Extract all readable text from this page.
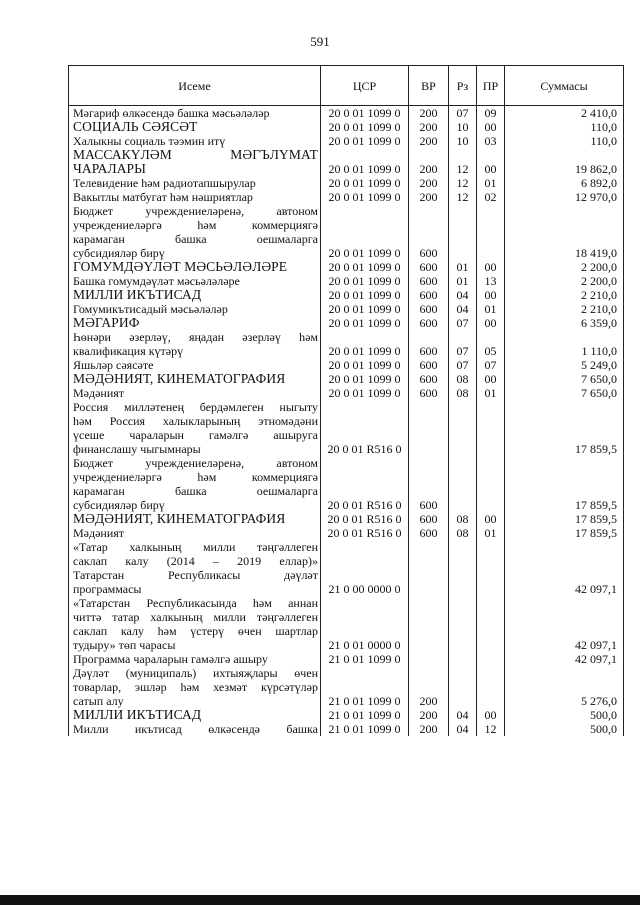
591
Исеме	ЦСР	ВР	Рз	ПР	Суммасы

Мәгариф өлкәсендә башка мәсьәләләр	20 0 01 1099 0	200	07	09	2 410,0

СОЦИАЛЬ СӘЯСӘТ	20 0 01 1099 0	200	10	00	110,0

Халыкны социаль тәэмин итү	20 0 01 1099 0	200	10	03	110,0

МАССАКҮЛӘМ МӘГЪЛҮМАТ
ЧАРАЛАРЫ	20 0 01 1099 0	200	12	00	19 862,0

Телевидение һәм радиотапшырулар	20 0 01 1099 0	200	12	01	6 892,0

Вакытлы матбугат һәм нәшриятлар	20 0 01 1099 0	200	12	02	12 970,0

Бюджет учреждениеләренә, автоном
учреждениеләргә һәм коммерциягә
карамаган башка оешмаларга
субсидияләр бирү	20 0 01 1099 0	600			18 419,0

ГОМУМДӘҮЛӘТ МӘСЬӘЛӘЛӘРЕ	20 0 01 1099 0	600	01	00	2 200,0

Башка гомумдәүләт мәсьәләләре	20 0 01 1099 0	600	01	13	2 200,0

МИЛЛИ ИКЪТИСАД	20 0 01 1099 0	600	04	00	2 210,0

Гомумикътисадый мәсьәләләр	20 0 01 1099 0	600	04	01	2 210,0

МӘГАРИФ	20 0 01 1099 0	600	07	00	6 359,0

Һөнәри әзерләү, яңадан әзерләү һәм
квалификация күтәрү	20 0 01 1099 0	600	07	05	1 110,0

Яшьләр сәясәте	20 0 01 1099 0	600	07	07	5 249,0

МӘДӘНИЯТ, КИНЕМАТОГРАФИЯ	20 0 01 1099 0	600	08	00	7 650,0

Мәдәният	20 0 01 1099 0	600	08	01	7 650,0

Россия милләтенең бердәмлеген ныгыту
һәм Россия халыкларының этномәдәни
үсеше чараларын гамәлгә ашыруга
финанслашу чыгымнары	20 0 01 R516 0				17 859,5

Бюджет учреждениеләренә, автоном
учреждениеләргә һәм коммерциягә
карамаган башка оешмаларга
субсидияләр бирү	20 0 01 R516 0	600			17 859,5

МӘДӘНИЯТ, КИНЕМАТОГРАФИЯ	20 0 01 R516 0	600	08	00	17 859,5

Мәдәният	20 0 01 R516 0	600	08	01	17 859,5

«Татар халкының милли тәңгәллеген
саклап калу (2014 – 2019 еллар)»
Татарстан Республикасы дәүләт
программасы	21 0 00 0000 0				42 097,1

«Татарстан Республикасында һәм аннан
читтә татар халкының милли тәңгәллеген
саклап калу һәм үстерү өчен шартлар
тудыру» төп чарасы	21 0 01 0000 0				42 097,1

Программа чараларын гамәлгә ашыру	21 0 01 1099 0				42 097,1

Дәүләт (муниципаль) ихтыяҗлары өчен
товарлар, эшләр һәм хезмәт күрсәтүләр
сатып алу	21 0 01 1099 0	200			5 276,0

МИЛЛИ ИКЪТИСАД	21 0 01 1099 0	200	04	00	500,0

Милли икътисад өлкәсендә башка	21 0 01 1099 0	200	04	12	500,0
